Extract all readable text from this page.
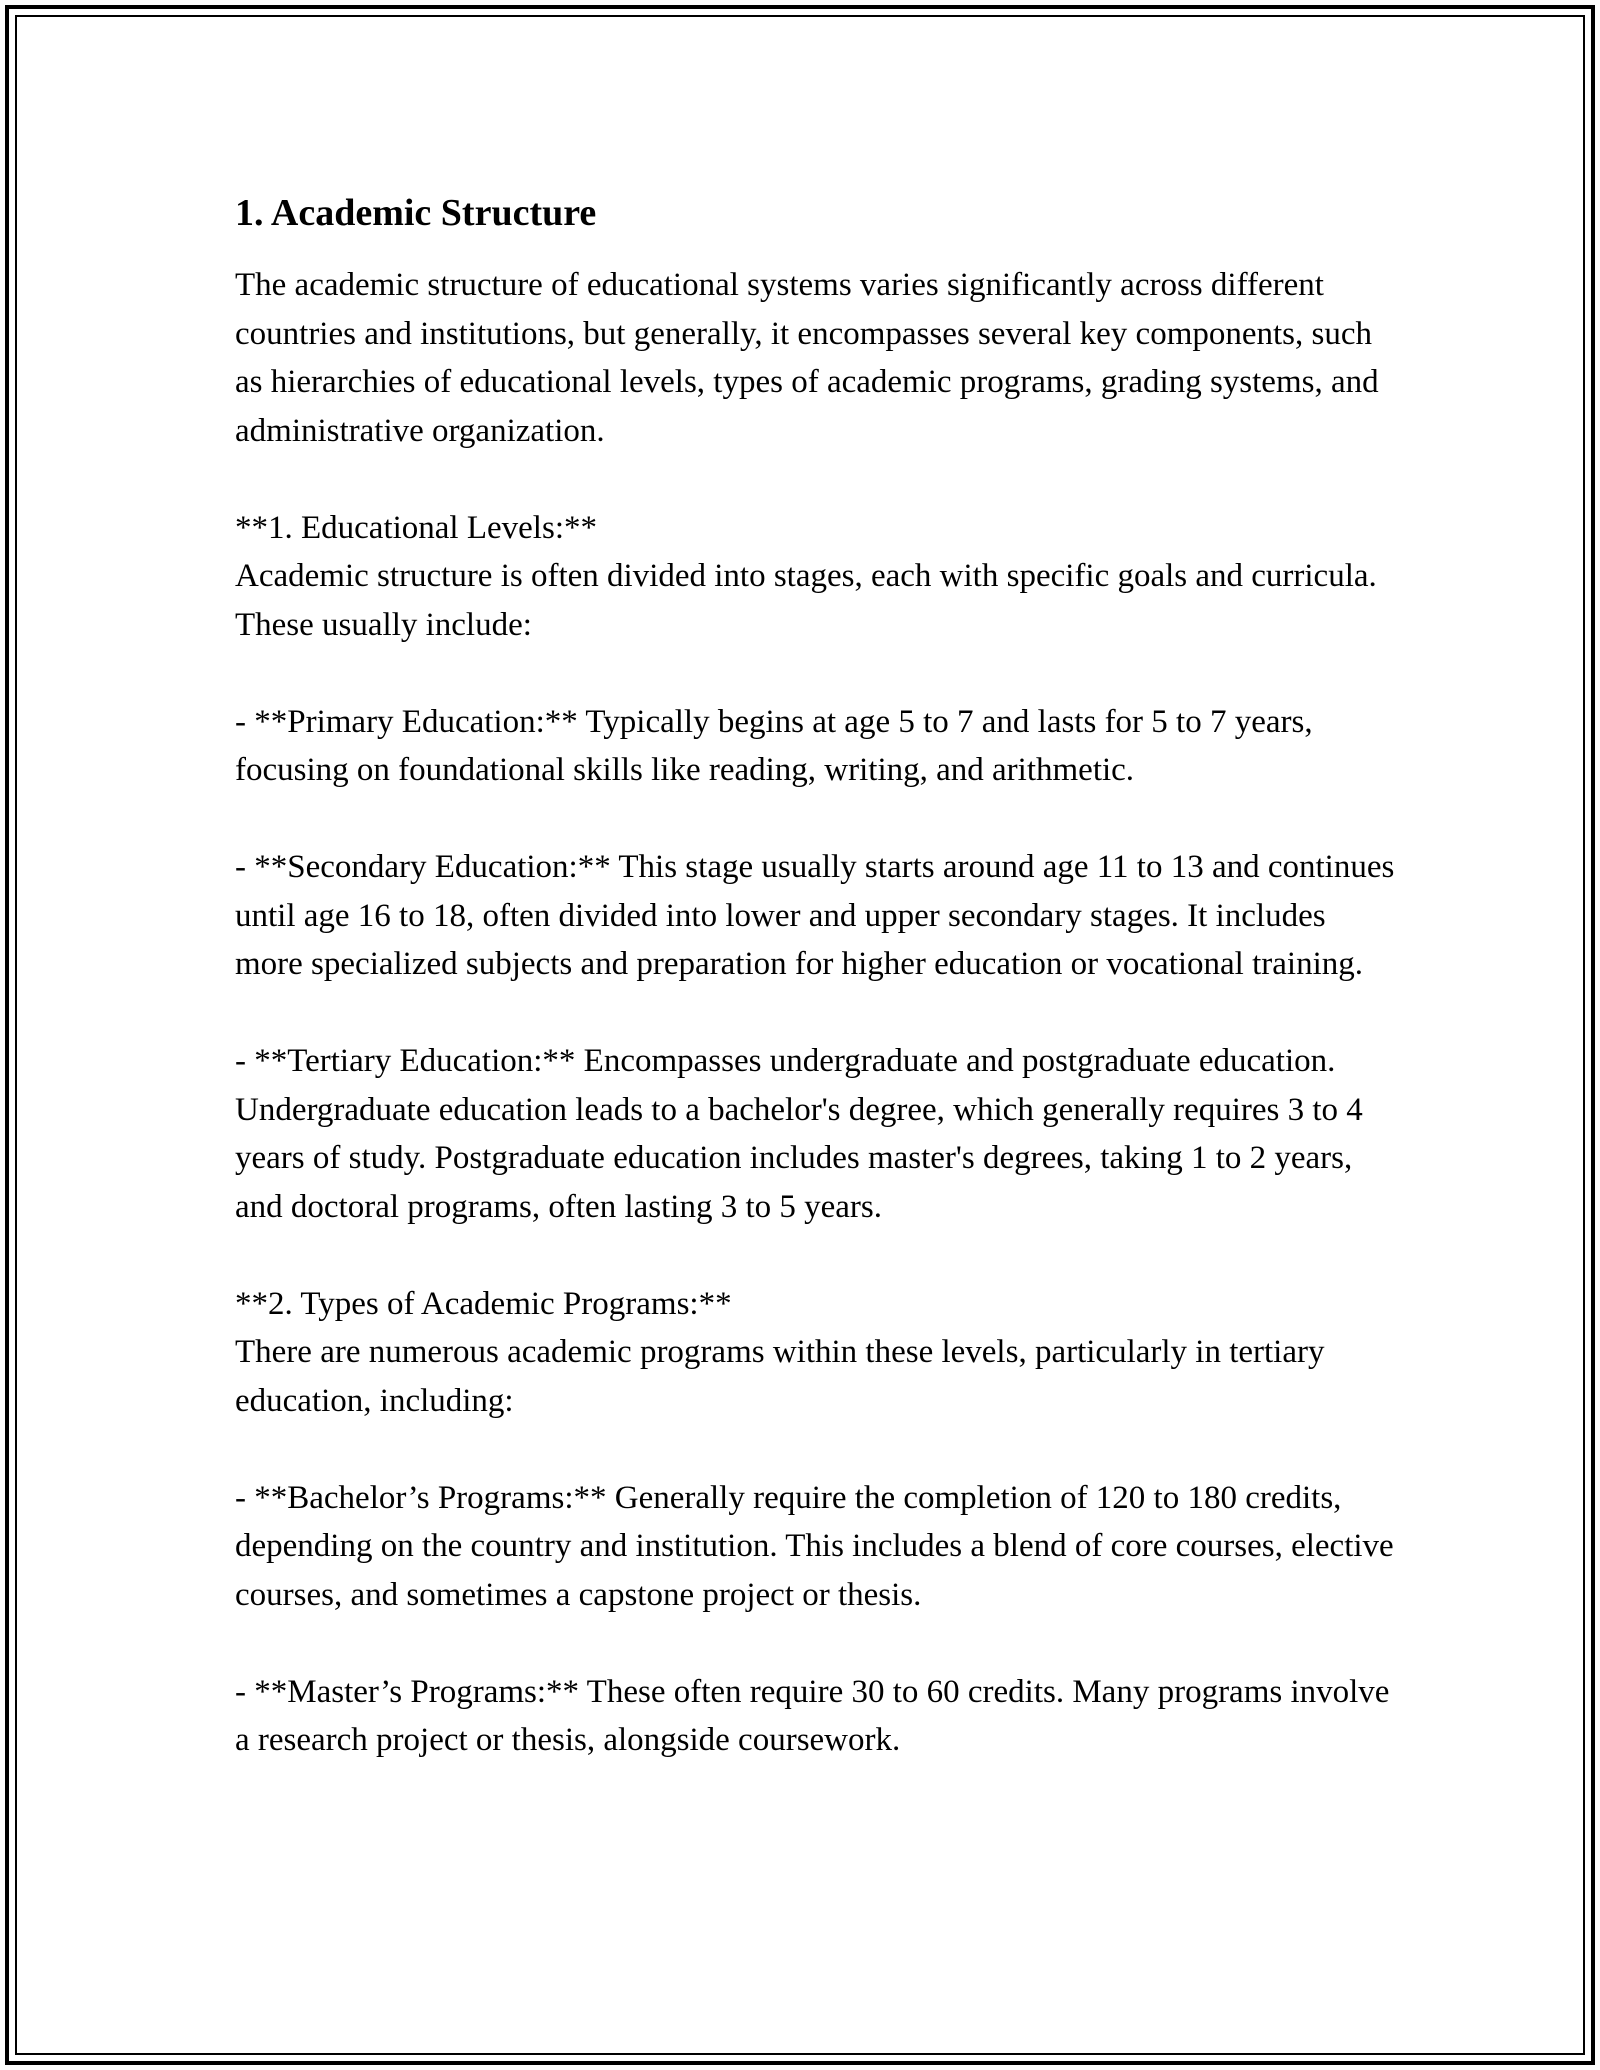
1. Academic Structure

The academic structure of educational systems varies significantly across different countries and institutions, but generally, it encompasses several key components, such as hierarchies of educational levels, types of academic programs, grading systems, and administrative organization.

**1. Educational Levels:**

Academic structure is often divided into stages, each with specific goals and curricula. These usually include:

- **Primary Education:** Typically begins at age 5 to 7 and lasts for 5 to 7 years, focusing on foundational skills like reading, writing, and arithmetic.

- **Secondary Education:** This stage usually starts around age 11 to 13 and continues until age 16 to 18, often divided into lower and upper secondary stages. It includes more specialized subjects and preparation for higher education or vocational training.

- **Tertiary Education:** Encompasses undergraduate and postgraduate education. Undergraduate education leads to a bachelor's degree, which generally requires 3 to 4 years of study. Postgraduate education includes master's degrees, taking 1 to 2 years, and doctoral programs, often lasting 3 to 5 years.

**2. Types of Academic Programs:**

There are numerous academic programs within these levels, particularly in tertiary education, including:

- **Bachelor’s Programs:** Generally require the completion of 120 to 180 credits, depending on the country and institution. This includes a blend of core courses, elective courses, and sometimes a capstone project or thesis.

- **Master’s Programs:** These often require 30 to 60 credits. Many programs involve a research project or thesis, alongside coursework.
